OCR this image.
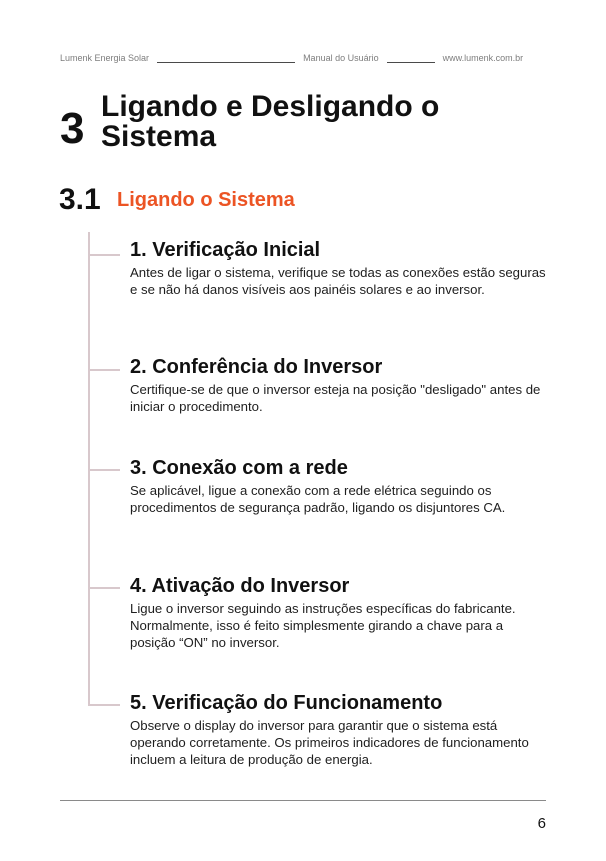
Lumenk Energia Solar	Manual do Usuário	www.lumenk.com.br
3 Ligando e Desligando o Sistema
3.1 Ligando o Sistema
1. Verificação Inicial
Antes de ligar o sistema, verifique se todas as conexões estão seguras e se não há danos visíveis aos painéis solares e ao inversor.
2. Conferência do Inversor
Certifique-se de que o inversor esteja na posição "desligado" antes de iniciar o procedimento.
3. Conexão com a rede
Se aplicável, ligue a conexão com a rede elétrica seguindo os procedimentos de segurança padrão, ligando os disjuntores CA.
4. Ativação do Inversor
Ligue o inversor seguindo as instruções específicas do fabricante. Normalmente, isso é feito simplesmente girando a chave para a posição “ON” no inversor.
5. Verificação do Funcionamento
Observe o display do inversor para garantir que o sistema está operando corretamente. Os primeiros indicadores de funcionamento incluem a leitura de produção de energia.
6
